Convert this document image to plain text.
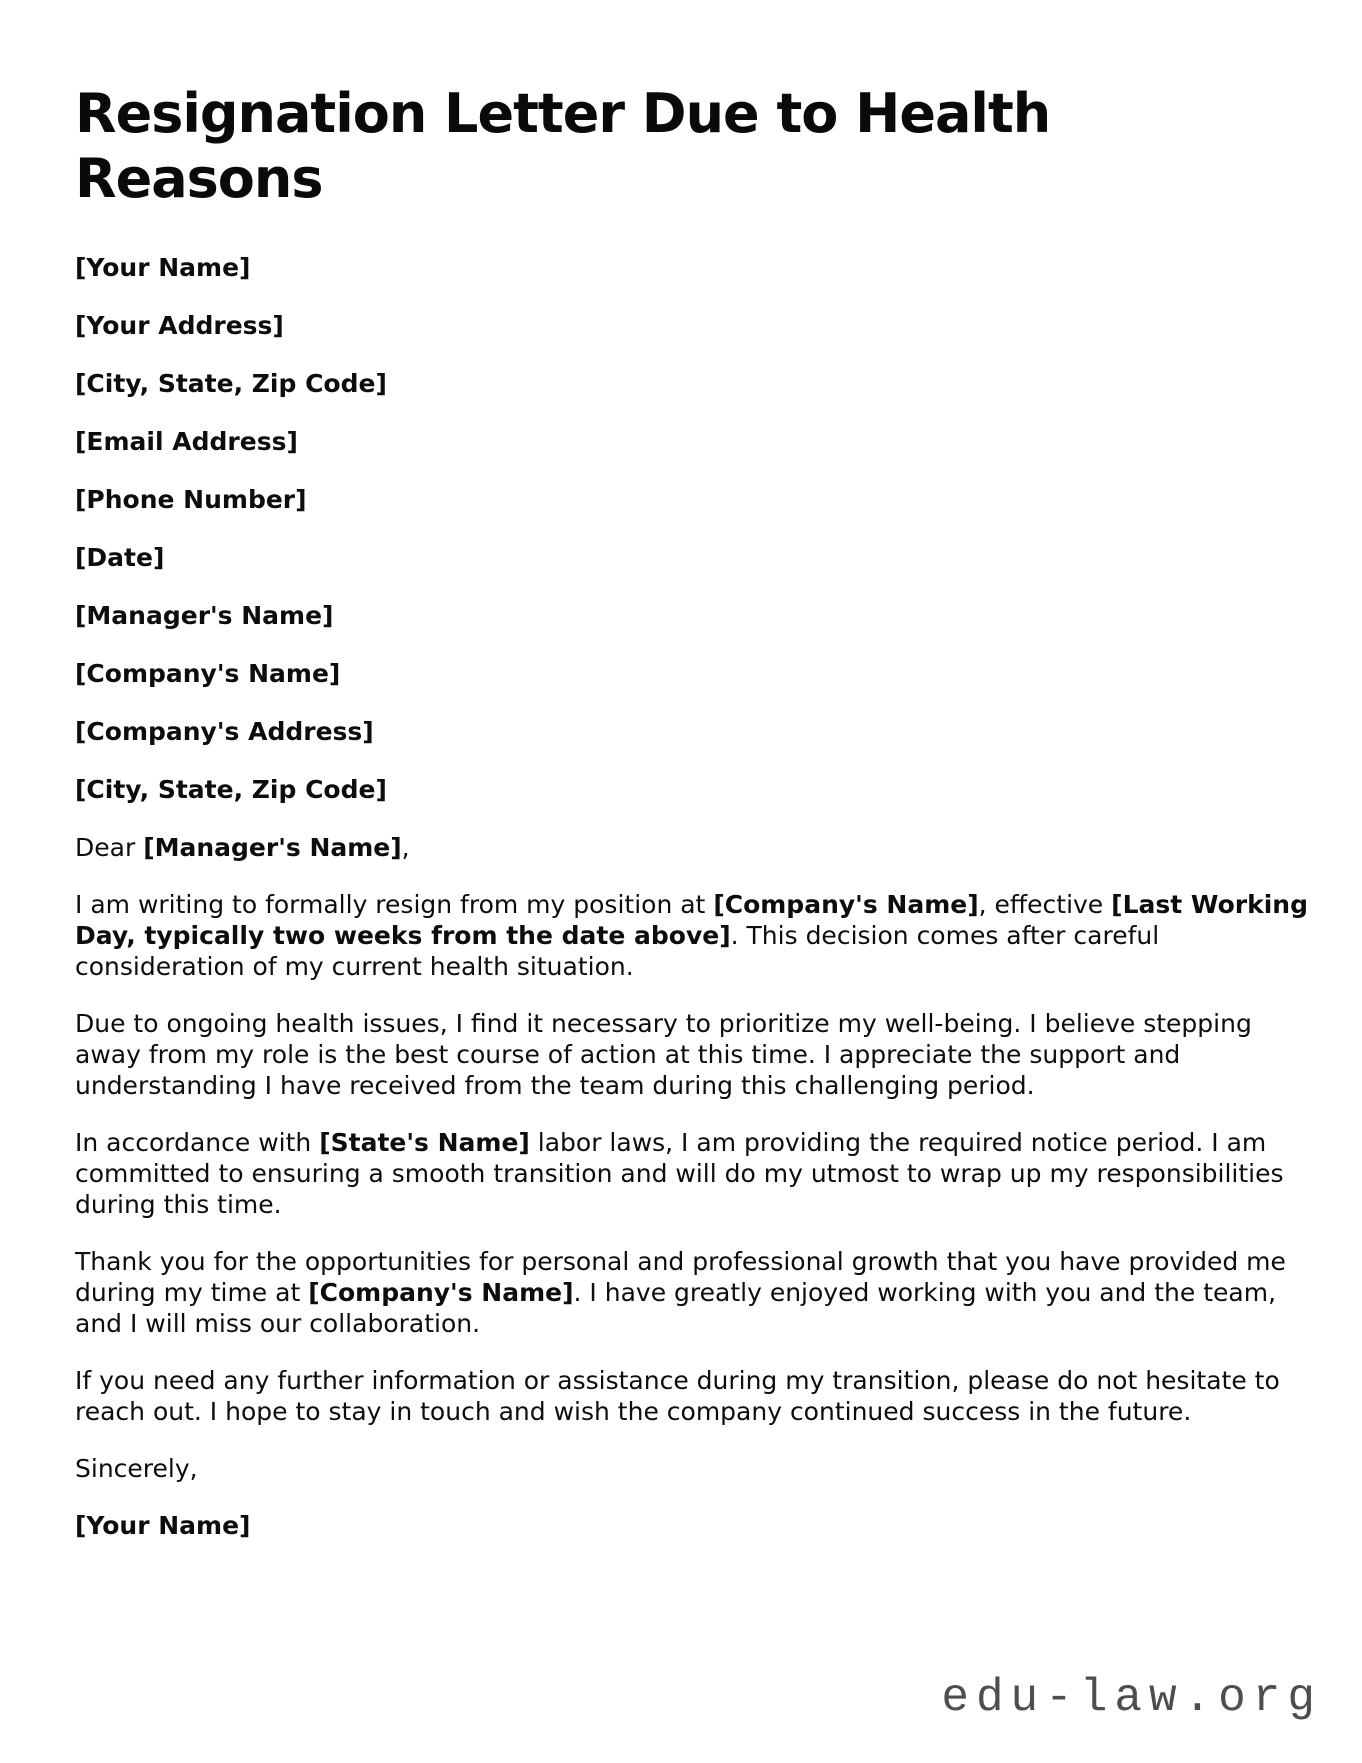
Resignation Letter Due to Health Reasons

[Your Name]

[Your Address]

[City, State, Zip Code]

[Email Address]

[Phone Number]

[Date]

[Manager's Name]

[Company's Name]

[Company's Address]

[City, State, Zip Code]

Dear [Manager's Name],

I am writing to formally resign from my position at [Company's Name], effective [Last Working Day, typically two weeks from the date above]. This decision comes after careful consideration of my current health situation.

Due to ongoing health issues, I find it necessary to prioritize my well-being. I believe stepping away from my role is the best course of action at this time. I appreciate the support and understanding I have received from the team during this challenging period.

In accordance with [State's Name] labor laws, I am providing the required notice period. I am committed to ensuring a smooth transition and will do my utmost to wrap up my responsibilities during this time.

Thank you for the opportunities for personal and professional growth that you have provided me during my time at [Company's Name]. I have greatly enjoyed working with you and the team, and I will miss our collaboration.

If you need any further information or assistance during my transition, please do not hesitate to reach out. I hope to stay in touch and wish the company continued success in the future.

Sincerely,

[Your Name]

edu-law.org
